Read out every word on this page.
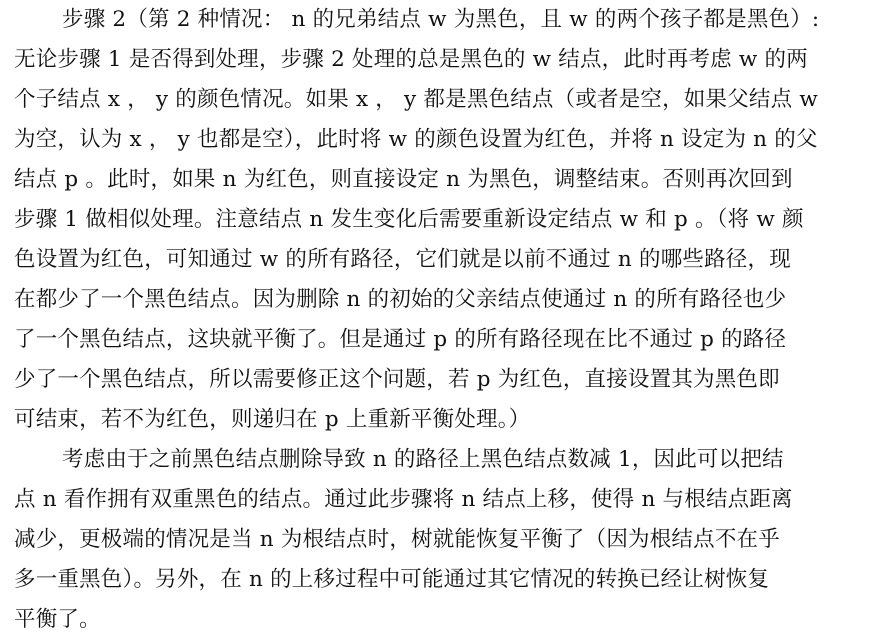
步骤 2（第 2 种情况： n 的兄弟结点 w 为黑色，且 w 的两个孩子都是黑色）:
无论步骤 1 是否得到处理，步骤 2 处理的总是黑色的 w 结点，此时再考虑 w 的两
个子结点 x ， y 的颜色情况。如果 x ， y 都是黑色结点（或者是空，如果父结点 w
为空，认为 x ， y 也都是空），此时将 w 的颜色设置为红色，并将 n 设定为 n 的父
结点 p 。此时，如果 n 为红色，则直接设定 n 为黑色，调整结束。否则再次回到
步骤 1 做相似处理。注意结点 n 发生变化后需要重新设定结点 w 和 p 。（将 w 颜
色设置为红色，可知通过 w 的所有路径，它们就是以前不通过 n 的哪些路径，现
在都少了一个黑色结点。因为删除 n 的初始的父亲结点使通过 n 的所有路径也少
了一个黑色结点，这块就平衡了。但是通过 p 的所有路径现在比不通过 p 的路径
少了一个黑色结点，所以需要修正这个问题，若 p 为红色，直接设置其为黑色即
可结束，若不为红色，则递归在 p 上重新平衡处理。）
考虑由于之前黑色结点删除导致 n 的路径上黑色结点数减 1，因此可以把结
点 n 看作拥有双重黑色的结点。通过此步骤将 n 结点上移，使得 n 与根结点距离
减少，更极端的情况是当 n 为根结点时，树就能恢复平衡了（因为根结点不在乎
多一重黑色）。另外，在 n 的上移过程中可能通过其它情况的转换已经让树恢复
平衡了。
